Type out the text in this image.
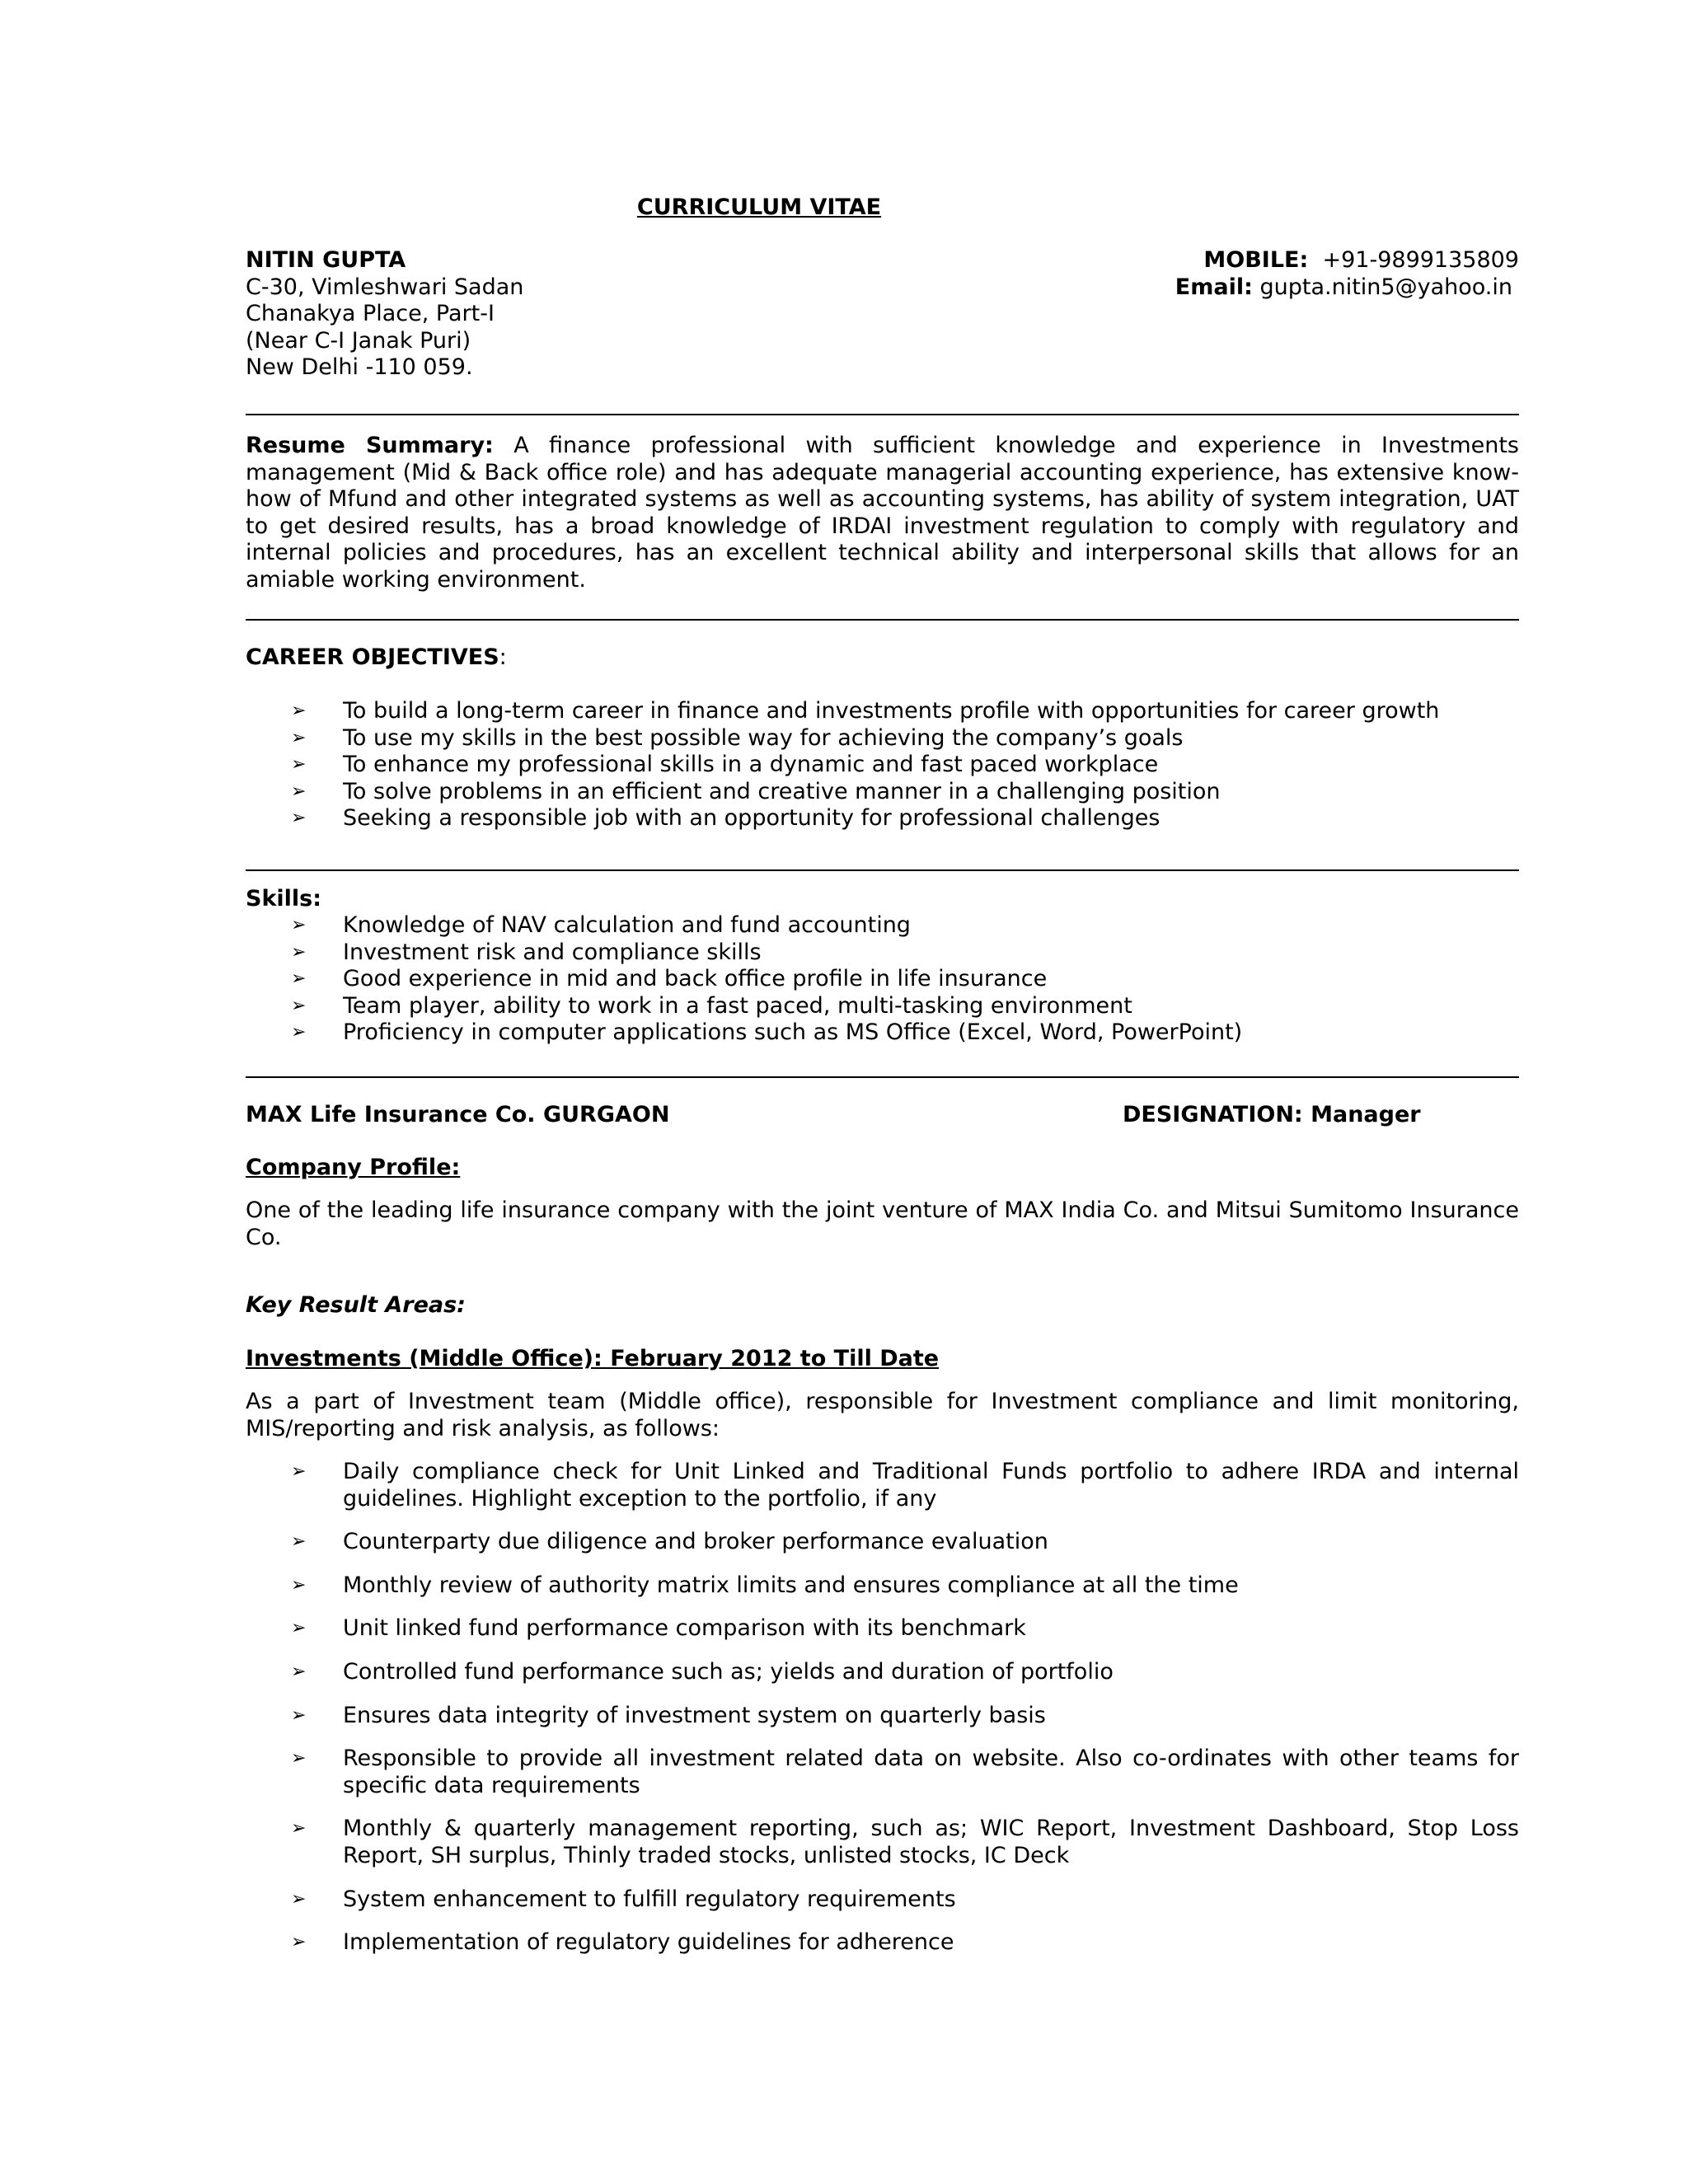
CURRICULUM VITAE
NITIN GUPTA
C-30, Vimleshwari Sadan
Chanakya Place, Part-I
(Near C-I Janak Puri)
New Delhi -110 059.
MOBILE: +91-9899135809
Email: gupta.nitin5@yahoo.in
Resume Summary: A finance professional with sufficient knowledge and experience in Investments management (Mid & Back office role) and has adequate managerial accounting experience, has extensive know-how of Mfund and other integrated systems as well as accounting systems, has ability of system integration, UAT to get desired results, has a broad knowledge of IRDAI investment regulation to comply with regulatory and internal policies and procedures, has an excellent technical ability and interpersonal skills that allows for an amiable working environment.
CAREER OBJECTIVES:
➢ To build a long-term career in finance and investments profile with opportunities for career growth
➢ To use my skills in the best possible way for achieving the company’s goals
➢ To enhance my professional skills in a dynamic and fast paced workplace
➢ To solve problems in an efficient and creative manner in a challenging position
➢ Seeking a responsible job with an opportunity for professional challenges
Skills:
➢ Knowledge of NAV calculation and fund accounting
➢ Investment risk and compliance skills
➢ Good experience in mid and back office profile in life insurance
➢ Team player, ability to work in a fast paced, multi-tasking environment
➢ Proficiency in computer applications such as MS Office (Excel, Word, PowerPoint)
MAX Life Insurance Co. GURGAON	DESIGNATION: Manager
Company Profile:
One of the leading life insurance company with the joint venture of MAX India Co. and Mitsui Sumitomo Insurance Co.
Key Result Areas:
Investments (Middle Office): February 2012 to Till Date
As a part of Investment team (Middle office), responsible for Investment compliance and limit monitoring, MIS/reporting and risk analysis, as follows:
➢ Daily compliance check for Unit Linked and Traditional Funds portfolio to adhere IRDA and internal guidelines. Highlight exception to the portfolio, if any
➢ Counterparty due diligence and broker performance evaluation
➢ Monthly review of authority matrix limits and ensures compliance at all the time
➢ Unit linked fund performance comparison with its benchmark
➢ Controlled fund performance such as; yields and duration of portfolio
➢ Ensures data integrity of investment system on quarterly basis
➢ Responsible to provide all investment related data on website. Also co-ordinates with other teams for specific data requirements
➢ Monthly & quarterly management reporting, such as; WIC Report, Investment Dashboard, Stop Loss Report, SH surplus, Thinly traded stocks, unlisted stocks, IC Deck
➢ System enhancement to fulfill regulatory requirements
➢ Implementation of regulatory guidelines for adherence
